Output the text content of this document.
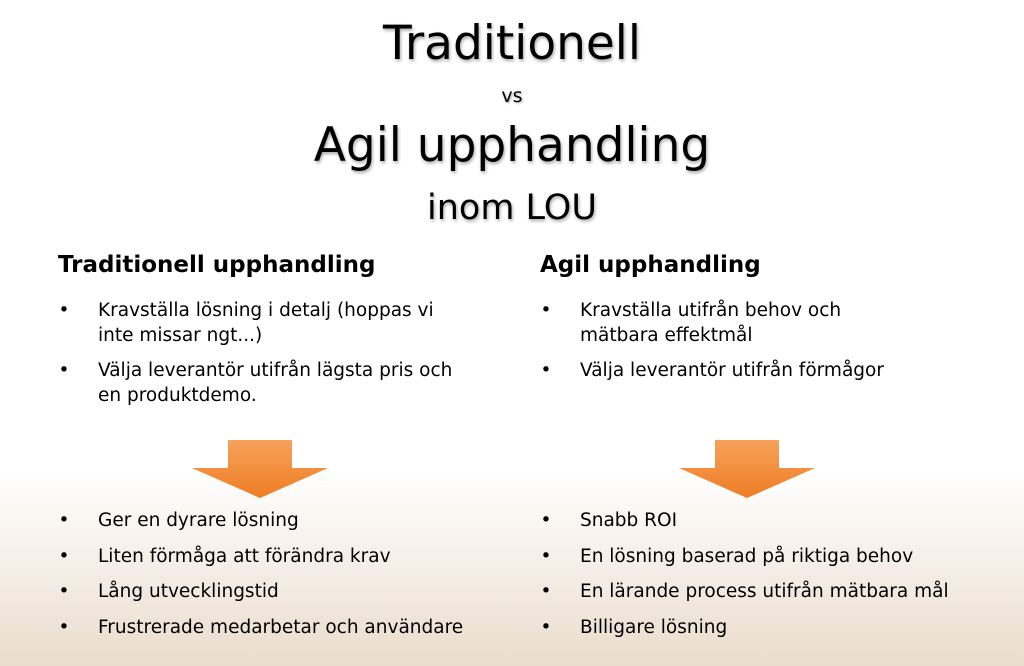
Traditionell
vs
Agil upphandling
inom LOU
Traditionell upphandling
• Kravställa lösning i detalj (hoppas vi inte missar ngt...)
• Välja leverantör utifrån lägsta pris och en produktdemo.
Agil upphandling
• Kravställa utifrån behov och mätbara effektmål
• Välja leverantör utifrån förmågor
• Ger en dyrare lösning
• Liten förmåga att förändra krav
• Lång utvecklingstid
• Frustrerade medarbetar och användare
• Snabb ROI
• En lösning baserad på riktiga behov
• En lärande process utifrån mätbara mål
• Billigare lösning
